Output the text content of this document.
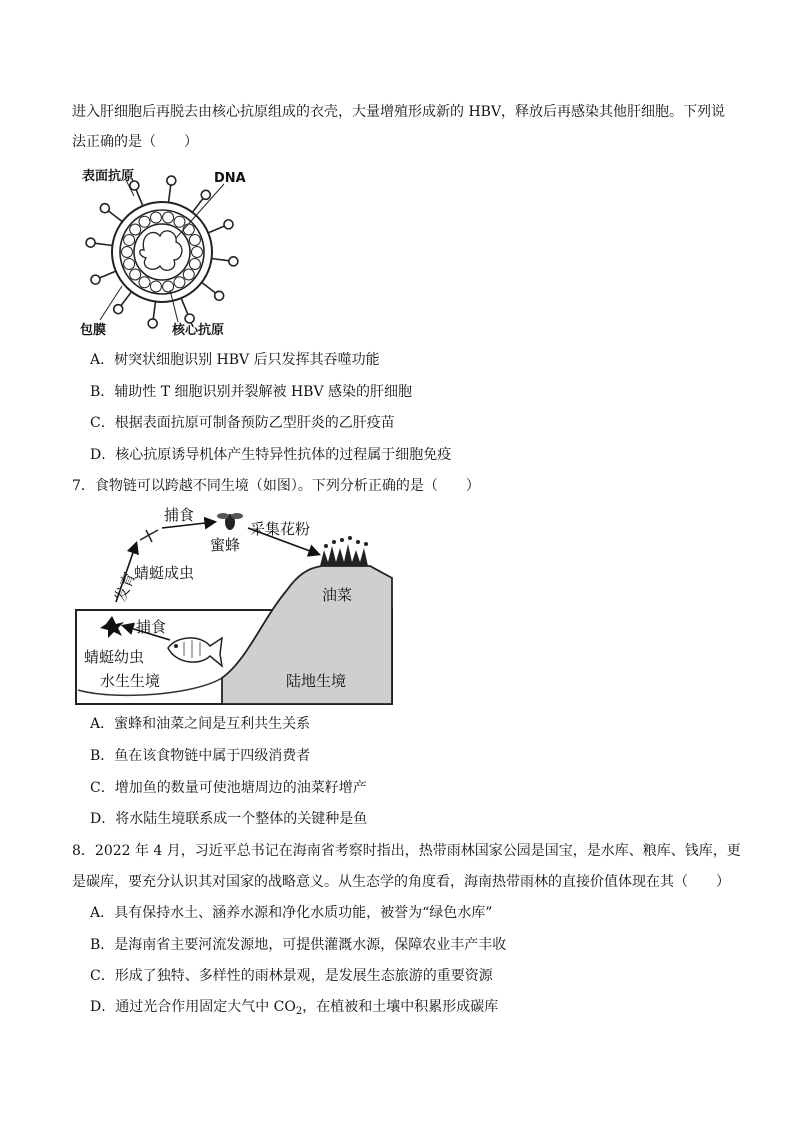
进入肝细胞后再脱去由核心抗原组成的衣壳，大量增殖形成新的 HBV，释放后再感染其他肝细胞。下列说
法正确的是（　　）
表面抗原	DNA
包膜	核心抗原
A．树突状细胞识别 HBV 后只发挥其吞噬功能
B．辅助性 T 细胞识别并裂解被 HBV 感染的肝细胞
C．根据表面抗原可制备预防乙型肝炎的乙肝疫苗
D．核心抗原诱导机体产生特异性抗体的过程属于细胞免疫
7．食物链可以跨越不同生境（如图）。下列分析正确的是（　　）
捕食
蜜蜂
采集花粉
蜻蜓成虫
发育	油菜
捕食
蜻蜓幼虫
水生生境	陆地生境
A．蜜蜂和油菜之间是互利共生关系
B．鱼在该食物链中属于四级消费者
C．增加鱼的数量可使池塘周边的油菜籽增产
D．将水陆生境联系成一个整体的关键种是鱼
8．2022 年 4 月，习近平总书记在海南省考察时指出，热带雨林国家公园是国宝，是水库、粮库、钱库，更
是碳库，要充分认识其对国家的战略意义。从生态学的角度看，海南热带雨林的直接价值体现在其（　　）
A．具有保持水土、涵养水源和净化水质功能，被誉为“绿色水库”
B．是海南省主要河流发源地，可提供灌溉水源，保障农业丰产丰收
C．形成了独特、多样性的雨林景观，是发展生态旅游的重要资源
D．通过光合作用固定大气中 $CO_2$，在植被和土壤中积累形成碳库
